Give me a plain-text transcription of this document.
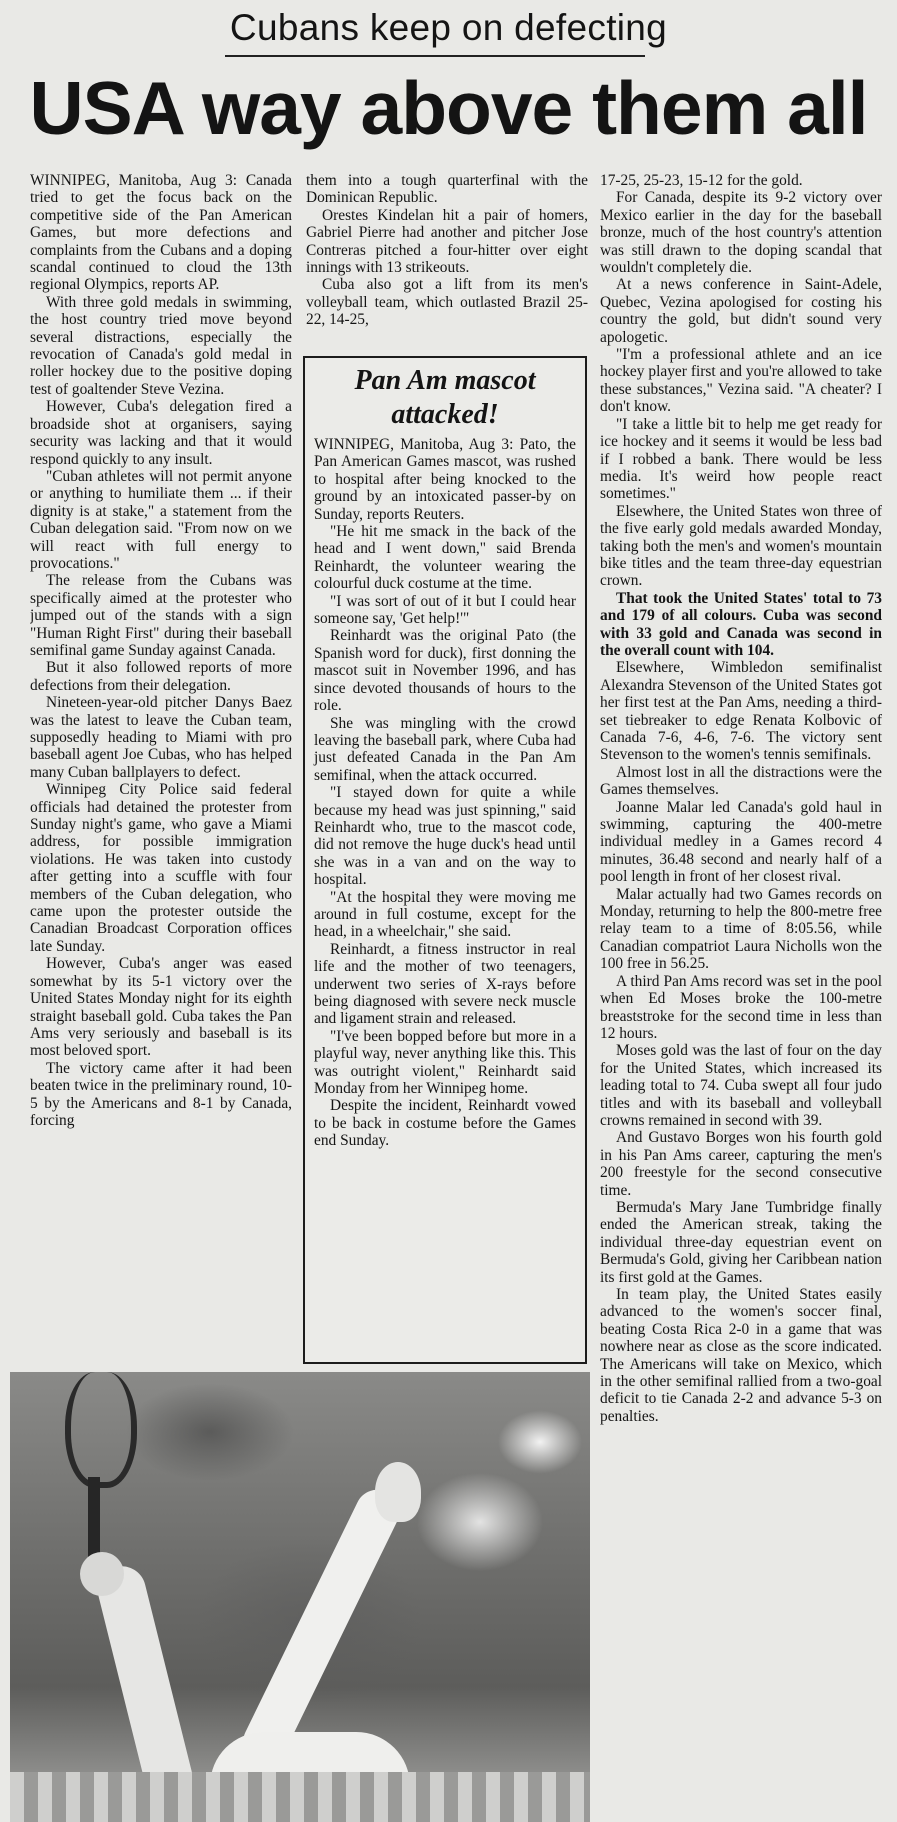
Cubans keep on defecting
USA way above them all

WINNIPEG, Manitoba, Aug 3: Canada tried to get the focus back on the competitive side of the Pan American Games, but more defections and complaints from the Cubans and a doping scandal continued to cloud the 13th regional Olympics, reports AP.

With three gold medals in swimming, the host country tried move beyond several distractions, especially the revocation of Canada's gold medal in roller hockey due to the positive doping test of goaltender Steve Vezina.

However, Cuba's delegation fired a broadside shot at organisers, saying security was lacking and that it would respond quickly to any insult.

"Cuban athletes will not permit anyone or anything to humiliate them ... if their dignity is at stake," a statement from the Cuban delegation said. "From now on we will react with full energy to provocations."

The release from the Cubans was specifically aimed at the protester who jumped out of the stands with a sign "Human Right First" during their baseball semifinal game Sunday against Canada.

But it also followed reports of more defections from their delegation.

Nineteen-year-old pitcher Danys Baez was the latest to leave the Cuban team, supposedly heading to Miami with pro baseball agent Joe Cubas, who has helped many Cuban ballplayers to defect.

Winnipeg City Police said federal officials had detained the protester from Sunday night's game, who gave a Miami address, for possible immigration violations. He was taken into custody after getting into a scuffle with four members of the Cuban delegation, who came upon the protester outside the Canadian Broadcast Corporation offices late Sunday.

However, Cuba's anger was eased somewhat by its 5-1 victory over the United States Monday night for its eighth straight baseball gold. Cuba takes the Pan Ams very seriously and baseball is its most beloved sport.

The victory came after it had been beaten twice in the preliminary round, 10-5 by the Americans and 8-1 by Canada, forcing

them into a tough quarterfinal with the Dominican Republic.

Orestes Kindelan hit a pair of homers, Gabriel Pierre had another and pitcher Jose Contreras pitched a four-hitter over eight innings with 13 strikeouts.

Cuba also got a lift from its men's volleyball team, which outlasted Brazil 25-22, 14-25,

Pan Am mascot attacked!

WINNIPEG, Manitoba, Aug 3: Pato, the Pan American Games mascot, was rushed to hospital after being knocked to the ground by an intoxicated passer-by on Sunday, reports Reuters.

"He hit me smack in the back of the head and I went down," said Brenda Reinhardt, the volunteer wearing the colourful duck costume at the time.

"I was sort of out of it but I could hear someone say, 'Get help!'"

Reinhardt was the original Pato (the Spanish word for duck), first donning the mascot suit in November 1996, and has since devoted thousands of hours to the role.

She was mingling with the crowd leaving the baseball park, where Cuba had just defeated Canada in the Pan Am semifinal, when the attack occurred.

"I stayed down for quite a while because my head was just spinning," said Reinhardt who, true to the mascot code, did not remove the huge duck's head until she was in a van and on the way to hospital.

"At the hospital they were moving me around in full costume, except for the head, in a wheelchair," she said.

Reinhardt, a fitness instructor in real life and the mother of two teenagers, underwent two series of X-rays before being diagnosed with severe neck muscle and ligament strain and released.

"I've been bopped before but more in a playful way, never anything like this. This was outright violent," Reinhardt said Monday from her Winnipeg home.

Despite the incident, Reinhardt vowed to be back in costume before the Games end Sunday.

17-25, 25-23, 15-12 for the gold.

For Canada, despite its 9-2 victory over Mexico earlier in the day for the baseball bronze, much of the host country's attention was still drawn to the doping scandal that wouldn't completely die.

At a news conference in Saint-Adele, Quebec, Vezina apologised for costing his country the gold, but didn't sound very apologetic.

"I'm a professional athlete and an ice hockey player first and you're allowed to take these substances," Vezina said. "A cheater? I don't know.

"I take a little bit to help me get ready for ice hockey and it seems it would be less bad if I robbed a bank. There would be less media. It's weird how people react sometimes."

Elsewhere, the United States won three of the five early gold medals awarded Monday, taking both the men's and women's mountain bike titles and the team three-day equestrian crown.

That took the United States' total to 73 and 179 of all colours. Cuba was second with 33 gold and Canada was second in the overall count with 104.

Elsewhere, Wimbledon semifinalist Alexandra Stevenson of the United States got her first test at the Pan Ams, needing a third-set tiebreaker to edge Renata Kolbovic of Canada 7-6, 4-6, 7-6. The victory sent Stevenson to the women's tennis semifinals.

Almost lost in all the distractions were the Games themselves.

Joanne Malar led Canada's gold haul in swimming, capturing the 400-metre individual medley in a Games record 4 minutes, 36.48 second and nearly half of a pool length in front of her closest rival.

Malar actually had two Games records on Monday, returning to help the 800-metre free relay team to a time of 8:05.56, while Canadian compatriot Laura Nicholls won the 100 free in 56.25.

A third Pan Ams record was set in the pool when Ed Moses broke the 100-metre breaststroke for the second time in less than 12 hours.

Moses gold was the last of four on the day for the United States, which increased its leading total to 74. Cuba swept all four judo titles and with its baseball and volleyball crowns remained in second with 39.

And Gustavo Borges won his fourth gold in his Pan Ams career, capturing the men's 200 freestyle for the second consecutive time.

Bermuda's Mary Jane Tumbridge finally ended the American streak, taking the individual three-day equestrian event on Bermuda's Gold, giving her Caribbean nation its first gold at the Games.

In team play, the United States easily advanced to the women's soccer final, beating Costa Rica 2-0 in a game that was nowhere near as close as the score indicated. The Americans will take on Mexico, which in the other semifinal rallied from a two-goal deficit to tie Canada 2-2 and advance 5-3 on penalties.
